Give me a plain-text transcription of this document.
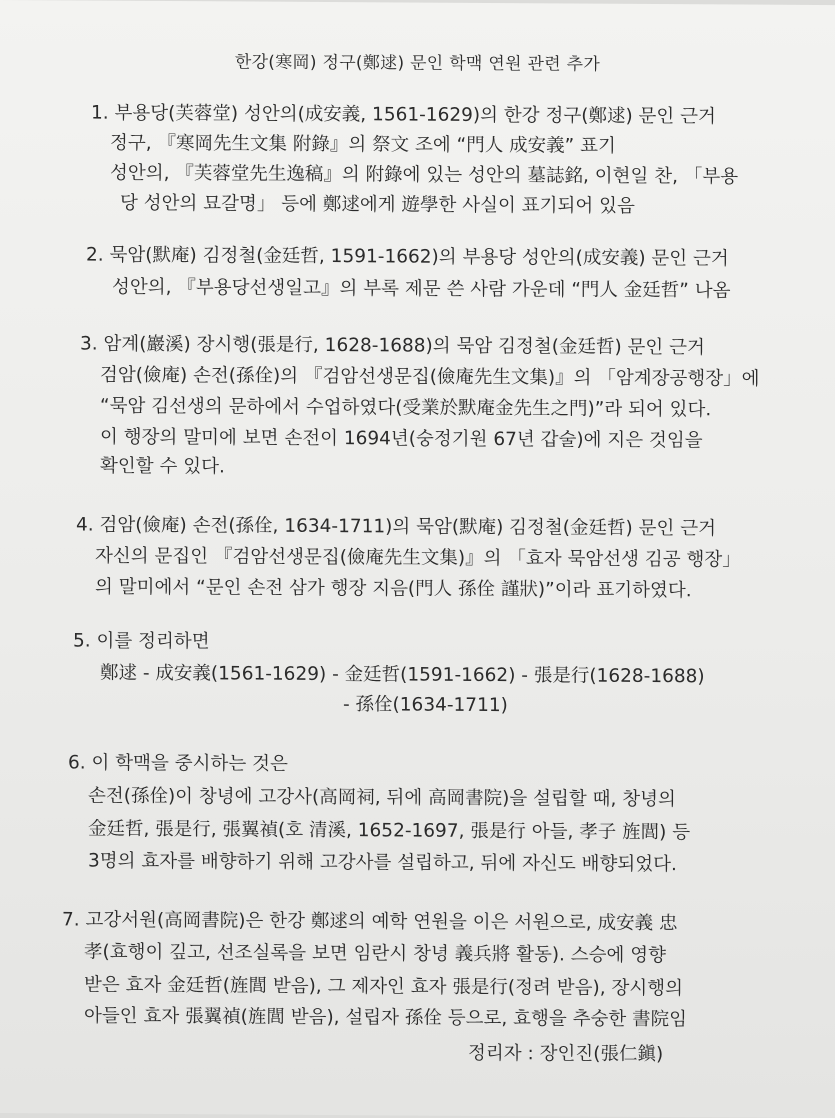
한강(寒岡) 정구(鄭逑) 문인 학맥 연원 관련 추가
1. 부용당(芙蓉堂) 성안의(成安義, 1561-1629)의 한강 정구(鄭逑) 문인 근거
정구, 『寒岡先生文集 附錄』의 祭文 조에 “門人 成安義” 표기
성안의, 『芙蓉堂先生逸稿』의 附錄에 있는 성안의 墓誌銘, 이현일 찬, 「부용
당 성안의 묘갈명」 등에 鄭逑에게 遊學한 사실이 표기되어 있음
2. 묵암(默庵) 김정철(金廷哲, 1591-1662)의 부용당 성안의(成安義) 문인 근거
성안의, 『부용당선생일고』의 부록 제문 쓴 사람 가운데 “門人 金廷哲” 나옴
3. 암계(巖溪) 장시행(張是行, 1628-1688)의 묵암 김정철(金廷哲) 문인 근거
검암(儉庵) 손전(孫佺)의 『검암선생문집(儉庵先生文集)』의 「암계장공행장」에
“묵암 김선생의 문하에서 수업하였다(受業於默庵金先生之門)”라 되어 있다.
이 행장의 말미에 보면 손전이 1694년(숭정기원 67년 갑술)에 지은 것임을
확인할 수 있다.
4. 검암(儉庵) 손전(孫佺, 1634-1711)의 묵암(默庵) 김정철(金廷哲) 문인 근거
자신의 문집인 『검암선생문집(儉庵先生文集)』의 「효자 묵암선생 김공 행장」
의 말미에서 “문인 손전 삼가 행장 지음(門人 孫佺 謹狀)”이라 표기하였다.
5. 이를 정리하면
鄭逑 - 成安義(1561-1629) - 金廷哲(1591-1662) - 張是行(1628-1688)
- 孫佺(1634-1711)
6. 이 학맥을 중시하는 것은
손전(孫佺)이 창녕에 고강사(高岡祠, 뒤에 高岡書院)을 설립할 때, 창녕의
金廷哲, 張是行, 張翼禎(호 清溪, 1652-1697, 張是行 아들, 孝子 旌閭) 등
3명의 효자를 배향하기 위해 고강사를 설립하고, 뒤에 자신도 배향되었다.
7. 고강서원(高岡書院)은 한강 鄭逑의 예학 연원을 이은 서원으로, 成安義 忠
孝(효행이 깊고, 선조실록을 보면 임란시 창녕 義兵將 활동). 스승에 영향
받은 효자 金廷哲(旌閭 받음), 그 제자인 효자 張是行(정려 받음), 장시행의
아들인 효자 張翼禎(旌閭 받음), 설립자 孫佺 등으로, 효행을 추숭한 書院임
정리자 : 장인진(張仁鎭)
